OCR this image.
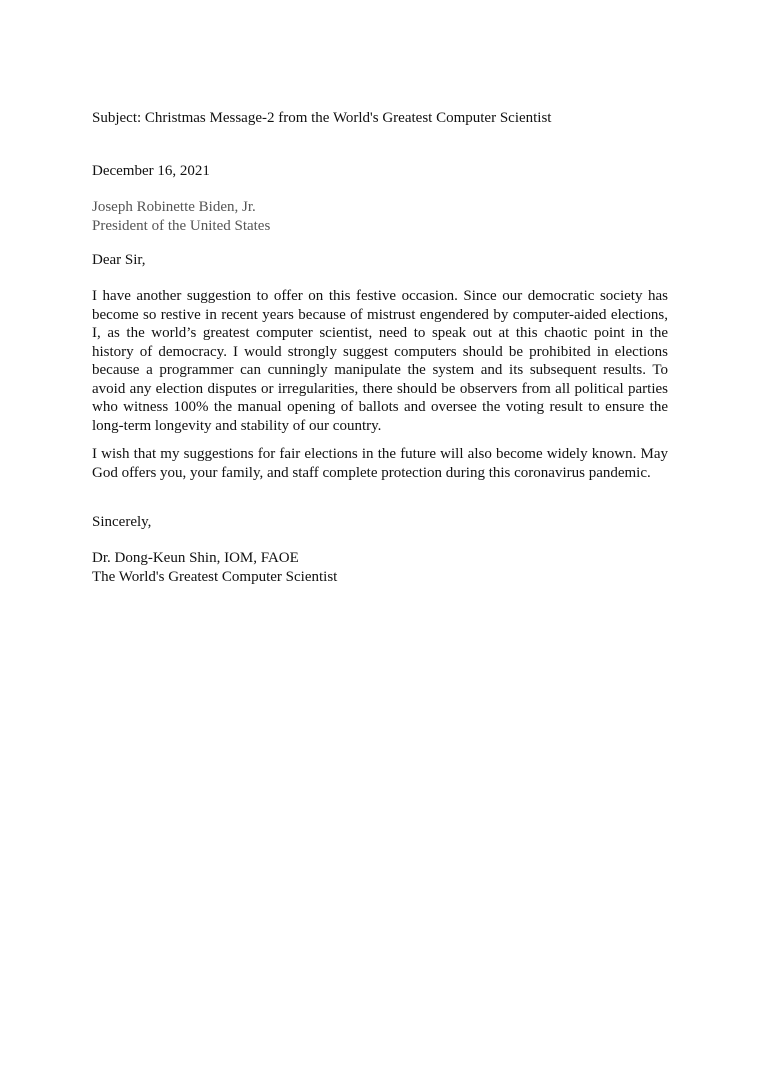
Subject: Christmas Message-2 from the World's Greatest Computer Scientist

December 16, 2021

Joseph Robinette Biden, Jr.
President of the United States

Dear Sir,

I have another suggestion to offer on this festive occasion. Since our democratic society has become so restive in recent years because of mistrust engendered by computer-aided elections, I, as the world’s greatest computer scientist, need to speak out at this chaotic point in the history of democracy. I would strongly suggest computers should be prohibited in elections because a programmer can cunningly manipulate the system and its subsequent results. To avoid any election disputes or irregularities, there should be observers from all political parties who witness 100% the manual opening of ballots and oversee the voting result to ensure the long-term longevity and stability of our country.

I wish that my suggestions for fair elections in the future will also become widely known. May God offers you, your family, and staff complete protection during this coronavirus pandemic.

Sincerely,

Dr. Dong-Keun Shin, IOM, FAOE
The World's Greatest Computer Scientist
